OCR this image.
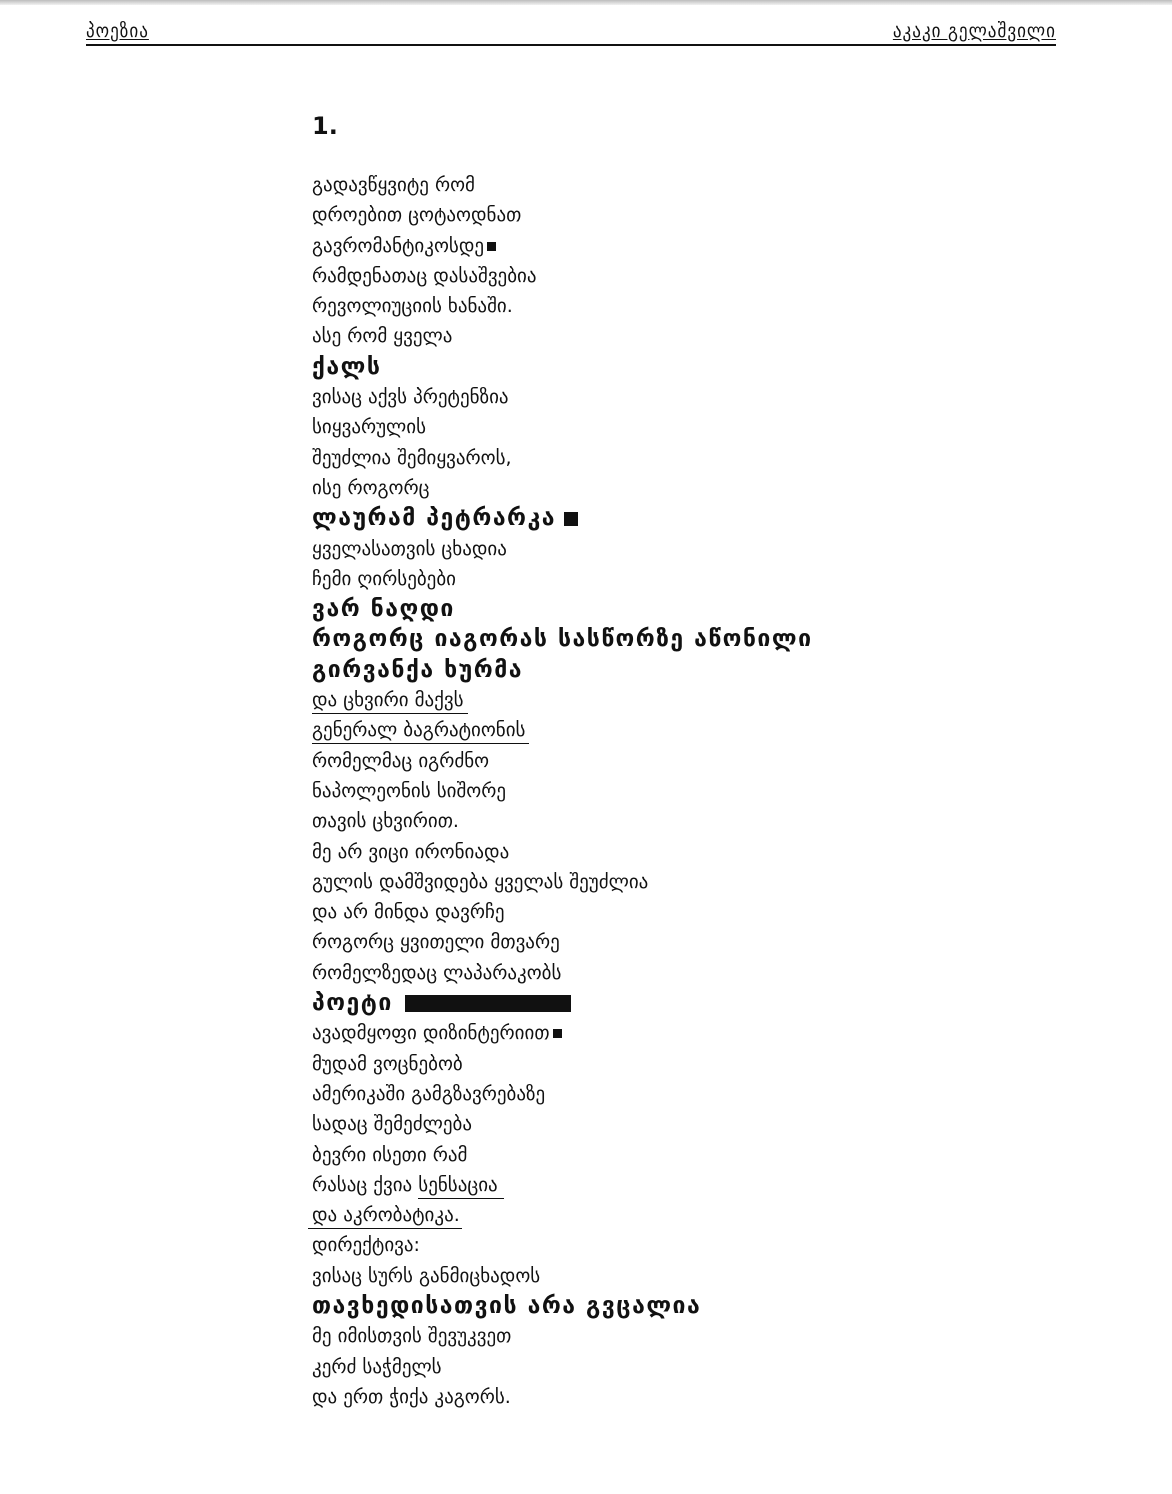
პოეზია	აკაკი გელაშვილი
1.
გადავწყვიტე რომ
დროებით ცოტაოდნათ
გავრომანტიკოსდე
რამდენათაც დასაშვებია
რევოლიუციის ხანაში.
ასე რომ ყველა
ქალს
ვისაც აქვს პრეტენზია
სიყვარულის
შეუძლია შემიყვაროს,
ისე როგორც
ლაურამ პეტრარკა
ყველასათვის ცხადია
ჩემი ღირსებები
ვარ ნაღდი
როგორც იაგორას სასწორზე აწონილი
გირვანქა ხურმა
და ცხვირი მაქვს
გენერალ ბაგრატიონის
რომელმაც იგრძნო
ნაპოლეონის სიშორე
თავის ცხვირით.
მე არ ვიცი ირონიადა
გულის დამშვიდება ყველას შეუძლია
და არ მინდა დავრჩე
როგორც ყვითელი მთვარე
რომელზედაც ლაპარაკობს
პოეტი
ავადმყოფი დიზინტერიით
მუდამ ვოცნებობ
ამერიკაში გამგზავრებაზე
სადაც შემეძლება
ბევრი ისეთი რამ
რასაც ქვია სენსაცია
და აკრობატიკა.
დირექტივა:
ვისაც სურს განმიცხადოს
თავხედისათვის არა გვცალია
მე იმისთვის შევუკვეთ
კერძ საჭმელს
და ერთ ჭიქა კაგორს.
